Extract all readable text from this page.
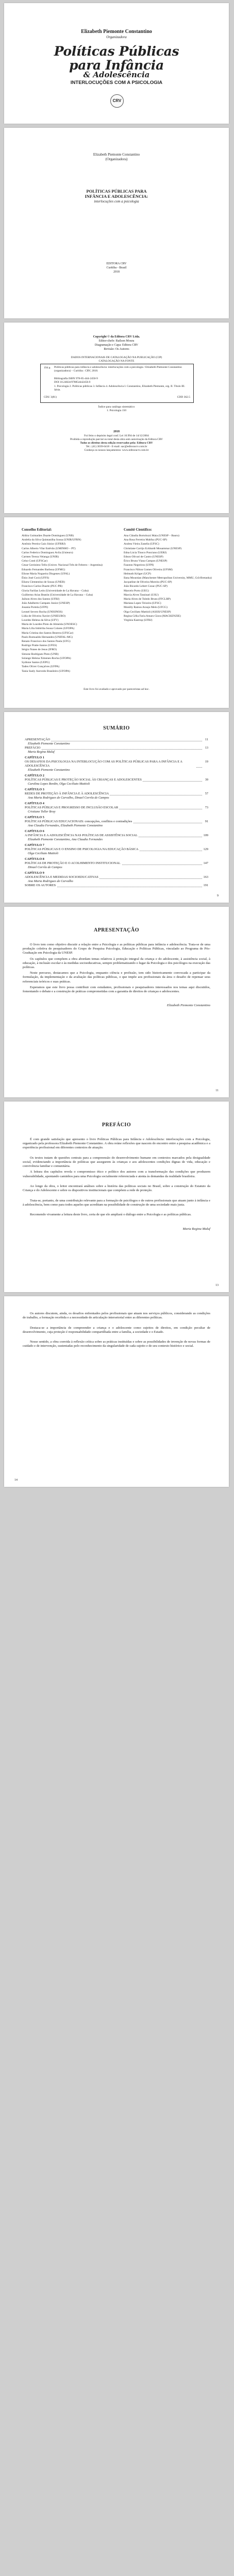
Elizabeth Piemonte Constantino
Organizadora
Políticas Públicas
para Infância
& Adolescência
INTERLOCUÇÕES COM A PSICOLOGIA
CRV
Elizabeth Piemonte Constantino
(Organizadora)
POLÍTICAS PÚBLICAS PARA
INFÂNCIA E ADOLESCÊNCIA:
interlocuções com a psicologia
EDITORA CRV
Curitiba - Brasil
2018
Copyright © da Editora CRV Ltda.
Editor-chefe: Railson Moura
Diagramação e Capa: Editora CRV
Revisão: Os Autores
DADOS INTERNACIONAIS DE CATALOGAÇÃO NA PUBLICAÇÃO (CIP)
CATALOGAÇÃO NA FONTE
194 p. Políticas públicas para infância e adolescência: interlocuções com a psicologia / Elizabeth Piemonte Constantino (organizadora) – Curitiba : CRV, 2018.
Bibliografia ISBN 978-85-444-2450-9
DOI 10.24824/978854442450.9
1. Psicologia 2. Políticas públicas 3. Infância 4. Adolescência I. Constantino, Elizabeth Piemonte, org. II. Título III. Série.
CDU 3(81)	CDD 362.5
Índice para catálogo sistemático
1. Psicologia 150
2018
Foi feito o depósito legal conf. Lei 10.994 de 14/12/2004
Proibida a reprodução parcial ou total desta obra sem autorização da Editora CRV
Todos os direitos desta edição reservados pela: Editora CRV
Tel.: (41) 3039-6418 - E-mail: sac@editoracrv.com.br
Conheça os nossos lançamentos: www.editoracrv.com.br
Conselho Editorial:
Aldira Guimarães Duarte Domínguez (UNB)
Andréia da Silva Quintanilha Sousa (UNIR/UFRN)
Antônio Pereira Gaio Júnior (UFRRJ)
Carlos Alberto Vilar Estêvão (UMINHO – PT)
Carlos Federico Dominguez Avila (Unieuro)
Carmen Tereza Velanga (UNIR)
Celso Conti (UFSCar)
Cesar Gerónimo Tello (Univer. Nacional Três de Febrero – Argentina)
Eduardo Fernandes Barbosa (UFMG)
Elione Maria Nogueira Diogenes (UFAL)
Élsio José Corá (UFFS)
Elizeu Clementino de Souza (UNEB)
Francisco Carlos Duarte (PUC-PR)
Gloria Fariñas León (Universidade de La Havana – Cuba)
Guillermo Arias Beatón (Universidade de La Havana – Cuba)
Jailson Alves dos Santos (UFRJ)
João Adalberto Campato Junior (UNESP)
Josania Portela (UFPI)
Leonel Severo Rocha (UNISINOS)
Lídia de Oliveira Xavier (UNIEURO)
Lourdes Helena da Silva (UFV)
Maria de Lourdes Pinto de Almeida (UNOESC)
Maria Lília Imbiriba Sousa Colares (UFOPA)
Maria Cristina dos Santos Bezerra (UFSCar)
Paulo Romualdo Hernandes (UNIFAL-MG)
Renato Francisco dos Santos Paula (UFG)
Rodrigo Pratte-Santos (UFES)
Sérgio Nunes de Jesus (IFRO)
Simone Rodrigues Pinto (UNB)
Solange Helena Ximenes-Rocha (UFOPA)
Sydione Santos (UEPG)
Tadeu Oliver Gonçalves (UFPA)
Tania Suely Azevedo Brasileiro (UFOPA)
Comitê Científico:
Ana Cláudia Bortolozzi Maia (UNESP – Bauru)
Ana Rosa Ferreira Mahfuz (PUC-SP)
Andrea Vieira Zanella (UFSC)
Christiane Carrijo Eckhardt Mouammar (UNESP)
Edna Lúcia Tinoco Ponciano (UERJ)
Edson Olivari de Castro (UNESP)
Érico Bruno Viana Campos (UNESP)
Fauston Negreiros (UFPI)
Francisco Nilton Gomes Oliveira (UFSM)
Helmuth Krüger (UCP)
Ilana Mountian (Manchester Metropolitan University, MMU, Grã-Bretanha)
Jacqueline de Oliveira Moreira (PUC-SP)
João Ricardo Lebert Cozac (PUC-SP)
Marcelo Porto (UEG)
Marcia Alves Tassinari (USU)
Maria Alves de Toledo Bruns (FFCLRP)
Mariana Lopez Teixeira (UFSC)
Monilly Ramos Araujo Melo (UFCG)
Olga Ceciliato Mattioli (ASSIS/UNESP)
Regina Célia Faria Amaro Giora (MACKENZIE)
Virgínia Kastrup (UFRJ)
Este livro foi avaliado e aprovado por pareceristas ad hoc.
SUMÁRIO
APRESENTAÇÃO	11
Elizabeth Piemonte Constantino
PREFÁCIO	13
Maria Regina Maluf
CAPÍTULO 1
OS DESAFIOS DA PSICOLOGIA NA INTERLOCUÇÃO COM AS POLÍTICAS PÚBLICAS PARA A INFÂNCIA E A ADOLESCÊNCIA
19
Elizabeth Piemonte Constantino
CAPÍTULO 2
POLÍTICAS PÚBLICAS E PROTEÇÃO SOCIAL ÀS CRIANÇAS E ADOLESCENTES	39
Carolina Lopes Bordin, Olga Ceciliato Mattioli
CAPÍTULO 3
REDES DE PROTEÇÃO À INFÂNCIA E À ADOLESCÊNCIA	57
Ana Maria Rodrigues de Carvalho, Dinael Corrêa de Campos
CAPÍTULO 4
POLÍTICAS PÚBLICAS E PROGRESSO DE INCLUSÃO ESCOLAR	73
Cristiane Toller Bray
CAPÍTULO 5
POLÍTICAS PÚBLICAS EDUCACIONAIS: concepções, conflitos e contradições	91
Ana Claudia Fernandes, Elizabeth Piemonte Constantino
CAPÍTULO 6
A INFÂNCIA E A ADOLESCÊNCIA NAS POLÍTICAS DE ASSISTÊNCIA SOCIAL	109
Elizabeth Piemonte Constantino, Ana Claudia Fernandes
CAPÍTULO 7
POLÍTICAS PÚBLICAS E O ENSINO DE PSICOLOGIA NA EDUCAÇÃO BÁSICA	129
Olga Ceciliato Mattioli
CAPÍTULO 8
POLÍTICAS DE PROTEÇÃO E O ACOLHIMENTO INSTITUCIONAL	147
Dinael Corrêa de Campos
CAPÍTULO 9
ADOLESCÊNCIA E MEDIDAS SOCIOEDUCATIVAS	163
Ana Maria Rodrigues de Carvalho
SOBRE OS AUTORES	191
9
APRESENTAÇÃO
O livro tem como objetivo discutir a relação entre a Psicologia e as políticas públicas para infância e adolescência. Trata-se de uma produção coletiva de pesquisadores do Grupo de Pesquisa Psicologia, Educação e Políticas Públicas, vinculado ao Programa de Pós-Graduação em Psicologia da UNESP.
Os capítulos que compõem a obra abordam temas relativos à proteção integral da criança e do adolescente, à assistência social, à educação, à inclusão escolar e às medidas socioeducativas, sempre problematizando o lugar da Psicologia e dos psicólogos na execução das políticas.
Neste percurso, destacamos que a Psicologia, enquanto ciência e profissão, tem sido historicamente convocada a participar da formulação, da implementação e da avaliação das políticas públicas, o que impõe aos profissionais da área o desafio de repensar seus referenciais teóricos e suas práticas.
Esperamos que este livro possa contribuir com estudantes, profissionais e pesquisadores interessados nos temas aqui discutidos, fomentando o debate e a construção de práticas comprometidas com a garantia de direitos de crianças e adolescentes.
Elizabeth Piemonte Constantino
11
PREFÁCIO
É com grande satisfação que apresento o livro Políticas Públicas para Infância e Adolescência: interlocuções com a Psicologia, organizado pela professora Elizabeth Piemonte Constantino. A obra reúne reflexões que nascem do encontro entre a pesquisa acadêmica e a experiência profissional em diferentes contextos de atuação.
Os textos tratam de questões centrais para a compreensão do desenvolvimento humano em contextos marcados pela desigualdade social, evidenciando a importância de políticas que assegurem às crianças e aos adolescentes condições dignas de vida, educação e convivência familiar e comunitária.
A leitura dos capítulos revela o compromisso ético e político dos autores com a transformação das condições que produzem vulnerabilidade, apontando caminhos para uma Psicologia socialmente referenciada e atenta às demandas da realidade brasileira.
Ao longo da obra, o leitor encontrará análises sobre a história das políticas sociais no Brasil, sobre a construção do Estatuto da Criança e do Adolescente e sobre os dispositivos institucionais que compõem a rede de proteção.
Trata-se, portanto, de uma contribuição relevante para a formação de psicólogos e de outros profissionais que atuam junto à infância e à adolescência, bem como para todos aqueles que acreditam na possibilidade de construção de uma sociedade mais justa.
Recomendo vivamente a leitura deste livro, certa de que ele ampliará o diálogo entre a Psicologia e as políticas públicas.
Maria Regina Maluf
13
Os autores discutem, ainda, os desafios enfrentados pelos profissionais que atuam nos serviços públicos, considerando as condições de trabalho, a formação recebida e a necessidade de articulação intersetorial entre as diferentes políticas.
Destaca-se a importância de compreender a criança e o adolescente como sujeitos de direitos, em condição peculiar de desenvolvimento, cuja proteção é responsabilidade compartilhada entre a família, a sociedade e o Estado.
Nesse sentido, a obra convida à reflexão crítica sobre as práticas instituídas e sobre as possibilidades de invenção de novas formas de cuidado e de intervenção, sustentadas pelo reconhecimento da singularidade de cada sujeito e de seu contexto histórico e social.
14
